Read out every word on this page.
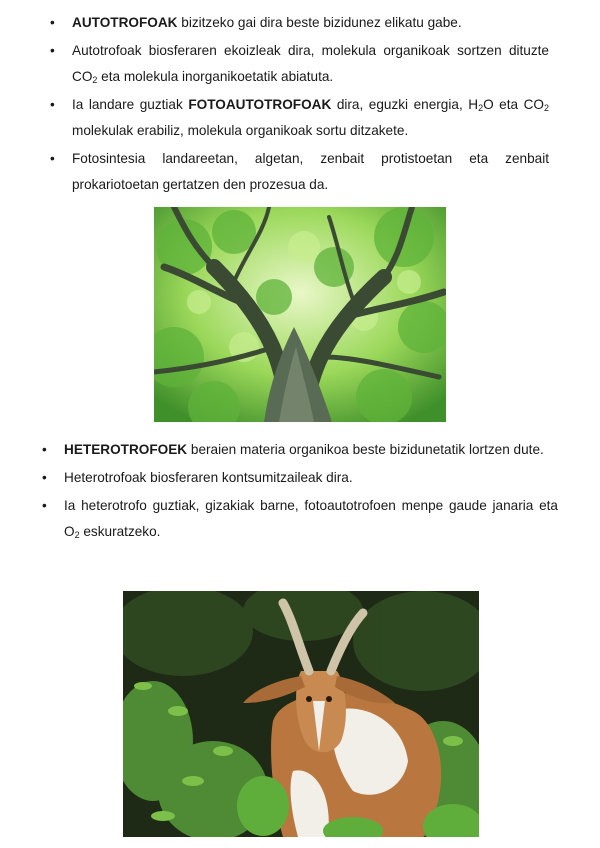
• AUTOTROFOAK bizitzeko gai dira beste bizidunez elikatu gabe.
• Autotrofoak biosferaren ekoizleak dira, molekula organikoak sortzen dituzte $CO_2$ eta molekula inorganikoetatik abiatuta.
• Ia landare guztiak FOTOAUTOTROFOAK dira, eguzki energia, $H_2O$ eta $CO_2$ molekulak erabiliz, molekula organikoak sortu ditzakete.
• Fotosintesia landareetan, algetan, zenbait protistoetan eta zenbait prokariotoetan gertatzen den prozesua da.
• HETEROTROFOEK beraien materia organikoa beste bizidunetatik lortzen dute.
• Heterotrofoak biosferaren kontsumitzaileak dira.
• Ia heterotrofo guztiak, gizakiak barne, fotoautotrofoen menpe gaude janaria eta $O_2$ eskuratzeko.
